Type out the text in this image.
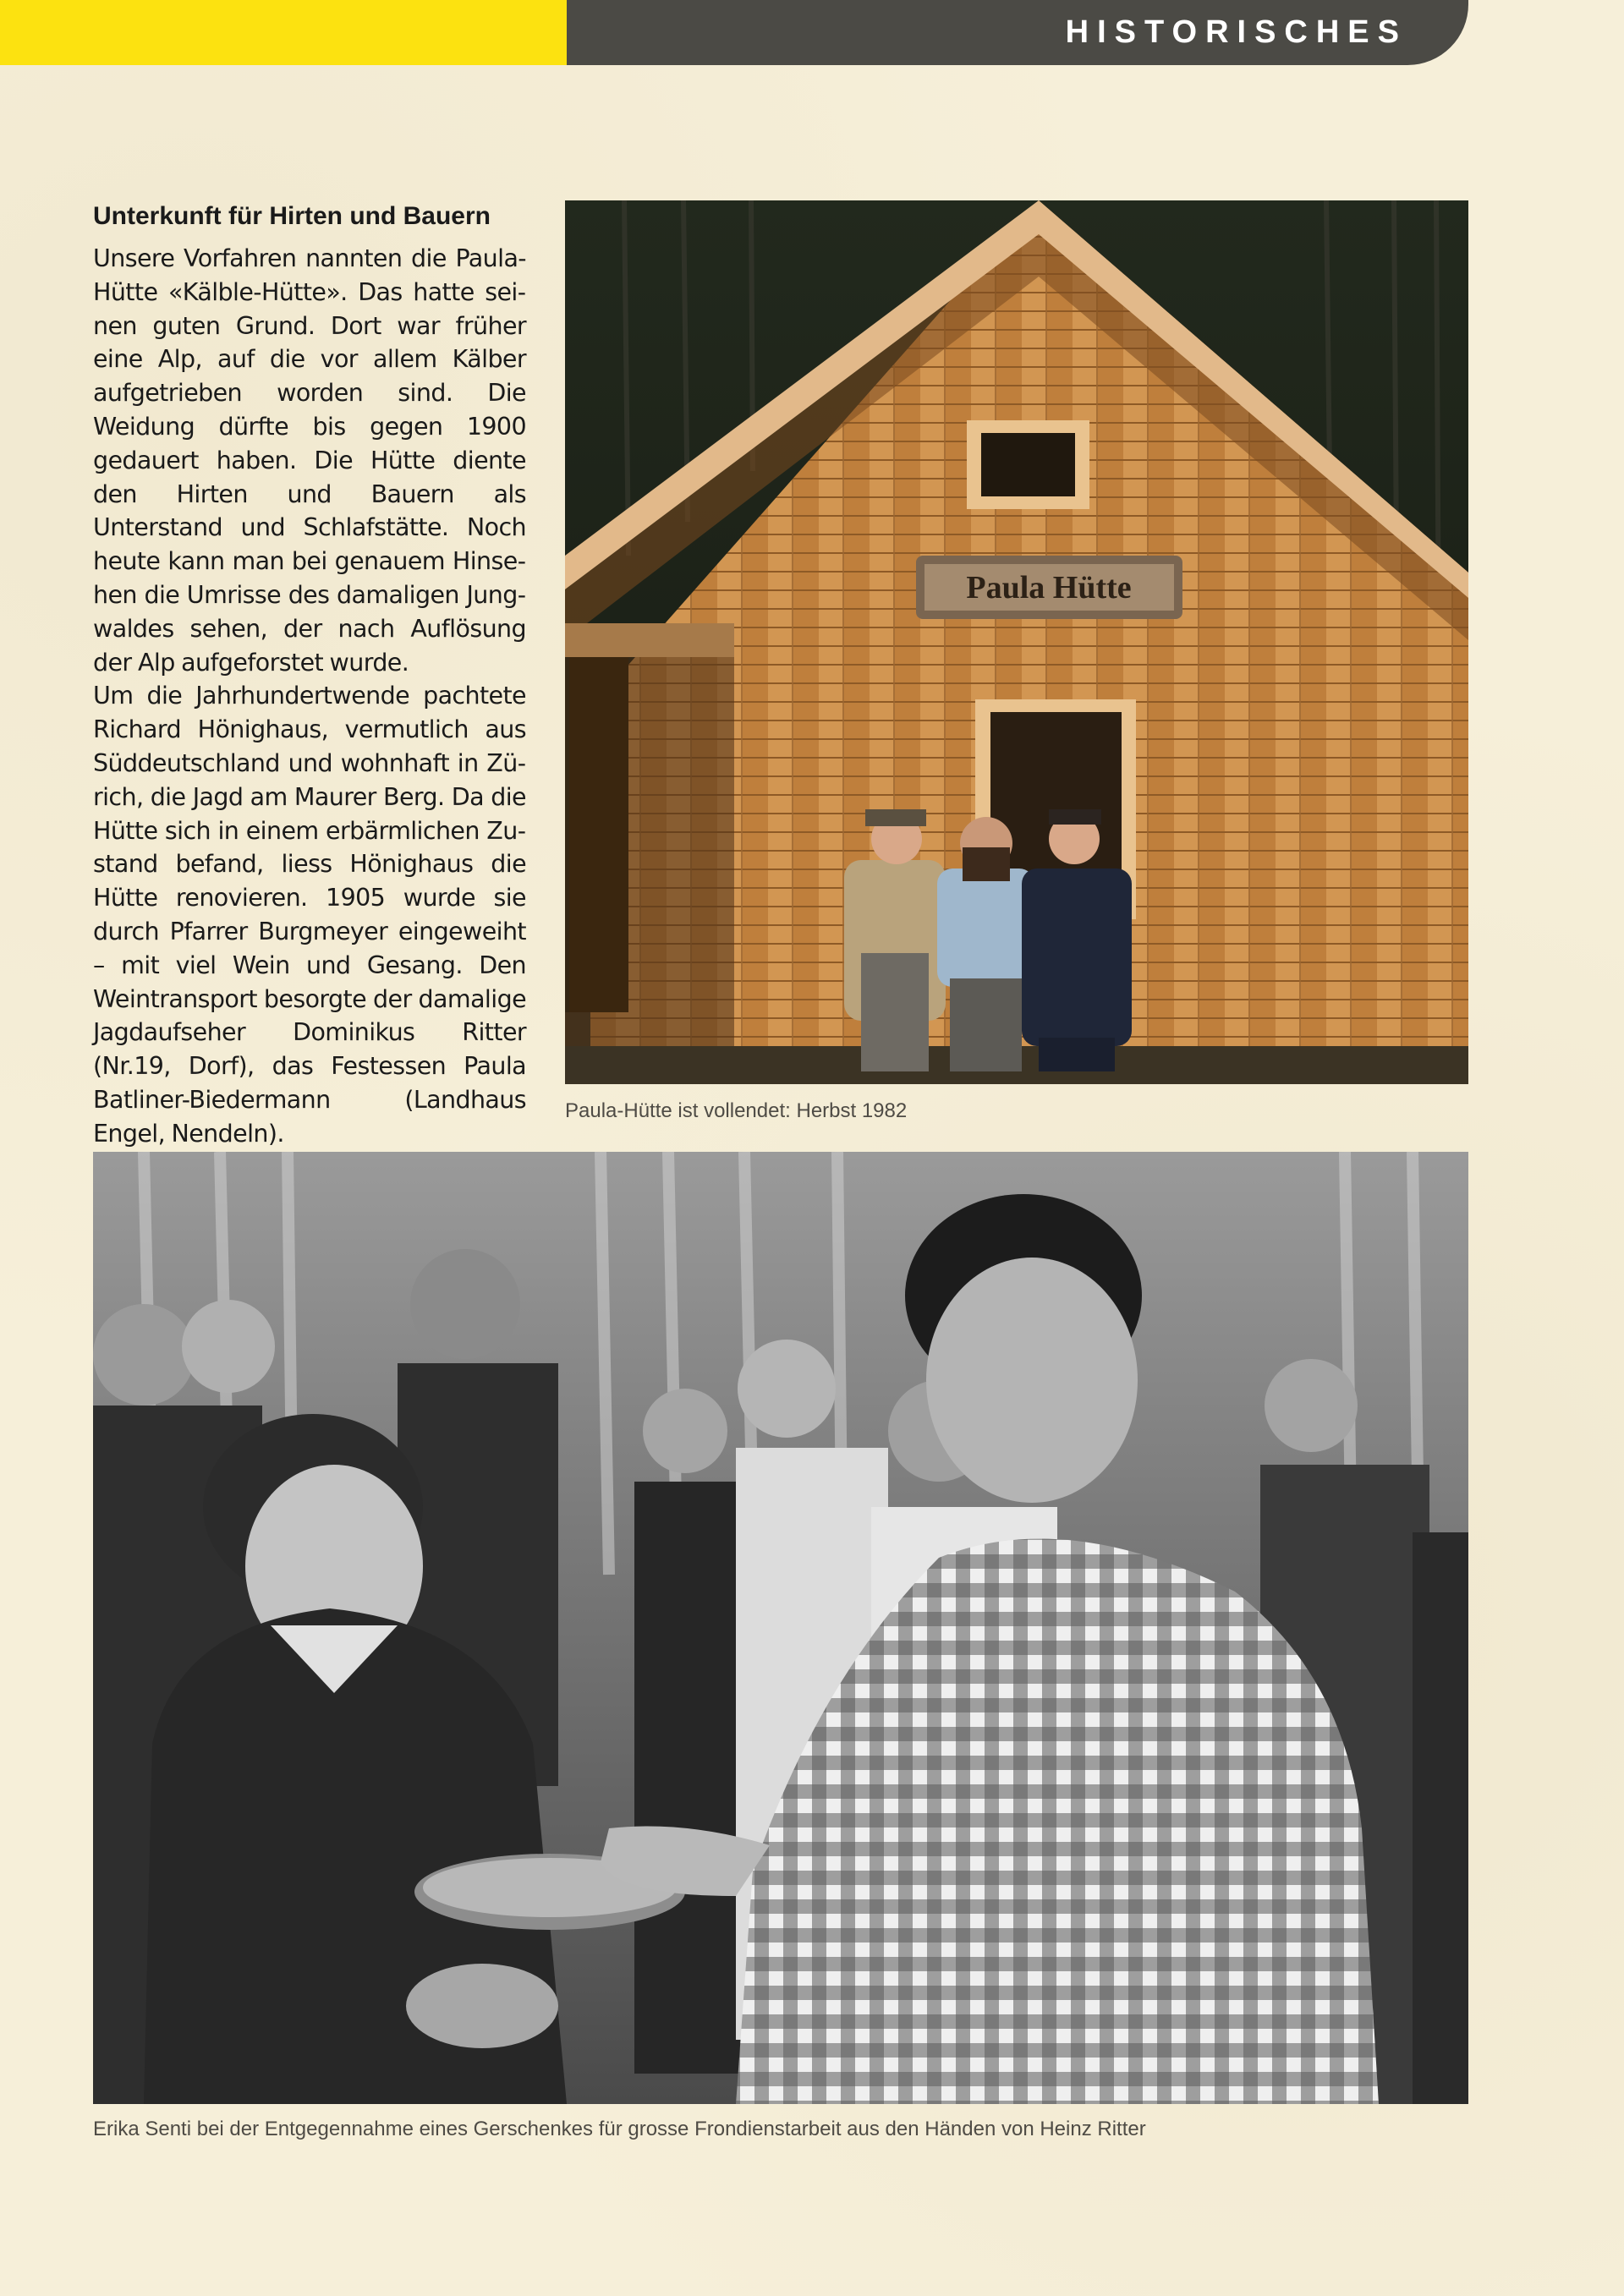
HISTORISCHES
Unterkunft für Hirten und Bauern

Unsere Vorfahren nannten die Paula-Hütte «Kälble-Hütte». Das hatte seinen guten Grund. Dort war früher eine Alp, auf die vor allem Kälber aufgetrieben worden sind. Die Weidung dürfte bis gegen 1900 gedauert haben. Die Hütte diente den Hirten und Bauern als Unterstand und Schlafstätte. Noch heute kann man bei genauem Hinsehen die Umrisse des damaligen Jungwaldes sehen, der nach Auflösung der Alp aufgeforstet wurde.

Um die Jahrhundertwende pachtete Richard Hönighaus, vermutlich aus Süddeutschland und wohnhaft in Zürich, die Jagd am Maurer Berg. Da die Hütte sich in einem erbärmlichen Zustand befand, liess Hönighaus die Hütte renovieren. 1905 wurde sie durch Pfarrer Burgmeyer eingeweiht – mit viel Wein und Gesang. Den Weintransport besorgte der damalige Jagdaufseher Dominikus Ritter (Nr.19, Dorf), das Festessen Paula Batliner-Biedermann (Landhaus Engel, Nendeln).

Paula Hütte
Paula-Hütte ist vollendet: Herbst 1982
Erika Senti bei der Entgegennahme eines Gerschenkes für grosse Frondienstarbeit aus den Händen von Heinz Ritter
